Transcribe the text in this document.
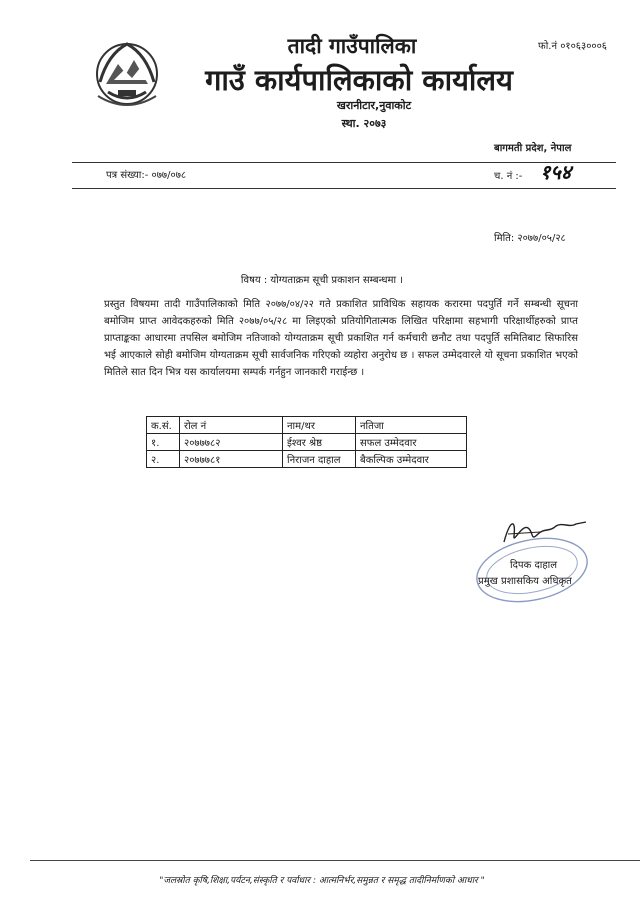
फो.नं ०१०६३०००६
तादी गाउँपालिका
गाउँ कार्यपालिकाको कार्यालय
खरानीटार,नुवाकोट
स्था. २०७३
बागमती प्रदेश, नेपाल
पत्र संख्या:- ०७७/०७८	च. नं :- १५४
मिति: २०७७/०५/२८
विषय : योग्यताक्रम सूची प्रकाशन सम्बन्धमा ।

प्रस्तुत विषयमा तादी गाउँपालिकाको मिति २०७७/०४/२२ गते प्रकाशित प्राविधिक सहायक करारमा पदपुर्ति गर्ने सम्बन्धी सूचना बमोजिम प्राप्त आवेदकहरुको मिति २०७७/०५/२८ मा लिइएको प्रतियोगितात्मक लिखित परिक्षामा सहभागी परिक्षार्थीहरुको प्राप्त प्राप्ताङ्कका आधारमा तपसिल बमोजिम नतिजाको योग्यताक्रम सूची प्रकाशित गर्न कर्मचारी छनौट तथा पदपुर्ति समितिबाट सिफारिस भई आएकाले सोही बमोजिम योग्यताक्रम सूची सार्वजनिक गरिएको व्यहोरा अनुरोध छ । सफल उम्मेदवारले यो सूचना प्रकाशित भएको मितिले सात दिन भित्र यस कार्यालयमा सम्पर्क गर्नहुन जानकारी गराईन्छ ।

क.सं.	रोल नं	नाम/थर	नतिजा
१.	२०७७७८२	ईश्वर श्रेष्ठ	सफल उम्मेदवार
२.	२०७७७८१	निराजन दाहाल	बैकल्पिक उम्मेदवार
दिपक दाहाल
प्रमुख प्रशासकिय अधिकृत
"जलस्रोत कृषि,शिक्षा,पर्यटन,संस्कृति र पर्वाधार : आत्मनिर्भर,समुन्नत र समृद्ध तादीनिर्माणको आधार "
